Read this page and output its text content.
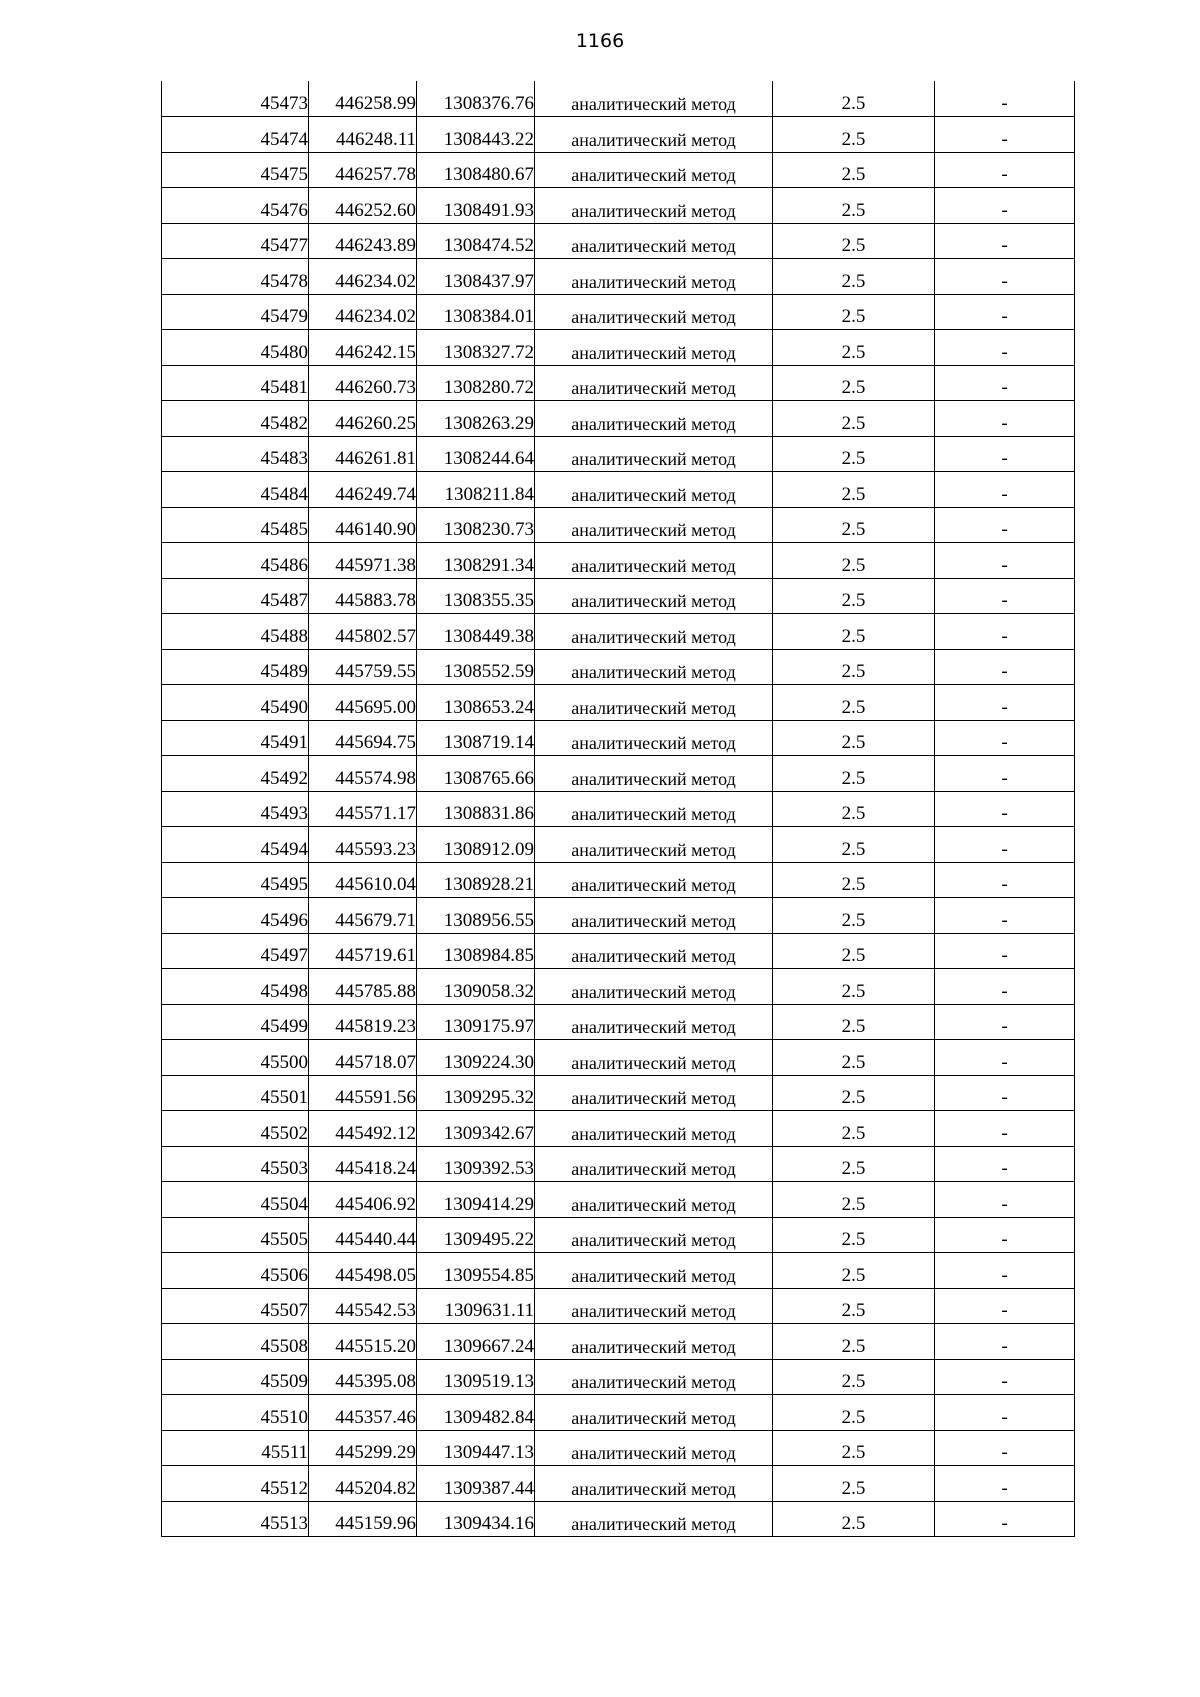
1166
45473	446258.99	1308376.76	аналитический метод	2.5	-
45474	446248.11	1308443.22	аналитический метод	2.5	-
45475	446257.78	1308480.67	аналитический метод	2.5	-
45476	446252.60	1308491.93	аналитический метод	2.5	-
45477	446243.89	1308474.52	аналитический метод	2.5	-
45478	446234.02	1308437.97	аналитический метод	2.5	-
45479	446234.02	1308384.01	аналитический метод	2.5	-
45480	446242.15	1308327.72	аналитический метод	2.5	-
45481	446260.73	1308280.72	аналитический метод	2.5	-
45482	446260.25	1308263.29	аналитический метод	2.5	-
45483	446261.81	1308244.64	аналитический метод	2.5	-
45484	446249.74	1308211.84	аналитический метод	2.5	-
45485	446140.90	1308230.73	аналитический метод	2.5	-
45486	445971.38	1308291.34	аналитический метод	2.5	-
45487	445883.78	1308355.35	аналитический метод	2.5	-
45488	445802.57	1308449.38	аналитический метод	2.5	-
45489	445759.55	1308552.59	аналитический метод	2.5	-
45490	445695.00	1308653.24	аналитический метод	2.5	-
45491	445694.75	1308719.14	аналитический метод	2.5	-
45492	445574.98	1308765.66	аналитический метод	2.5	-
45493	445571.17	1308831.86	аналитический метод	2.5	-
45494	445593.23	1308912.09	аналитический метод	2.5	-
45495	445610.04	1308928.21	аналитический метод	2.5	-
45496	445679.71	1308956.55	аналитический метод	2.5	-
45497	445719.61	1308984.85	аналитический метод	2.5	-
45498	445785.88	1309058.32	аналитический метод	2.5	-
45499	445819.23	1309175.97	аналитический метод	2.5	-
45500	445718.07	1309224.30	аналитический метод	2.5	-
45501	445591.56	1309295.32	аналитический метод	2.5	-
45502	445492.12	1309342.67	аналитический метод	2.5	-
45503	445418.24	1309392.53	аналитический метод	2.5	-
45504	445406.92	1309414.29	аналитический метод	2.5	-
45505	445440.44	1309495.22	аналитический метод	2.5	-
45506	445498.05	1309554.85	аналитический метод	2.5	-
45507	445542.53	1309631.11	аналитический метод	2.5	-
45508	445515.20	1309667.24	аналитический метод	2.5	-
45509	445395.08	1309519.13	аналитический метод	2.5	-
45510	445357.46	1309482.84	аналитический метод	2.5	-
45511	445299.29	1309447.13	аналитический метод	2.5	-
45512	445204.82	1309387.44	аналитический метод	2.5	-
45513	445159.96	1309434.16	аналитический метод	2.5	-
